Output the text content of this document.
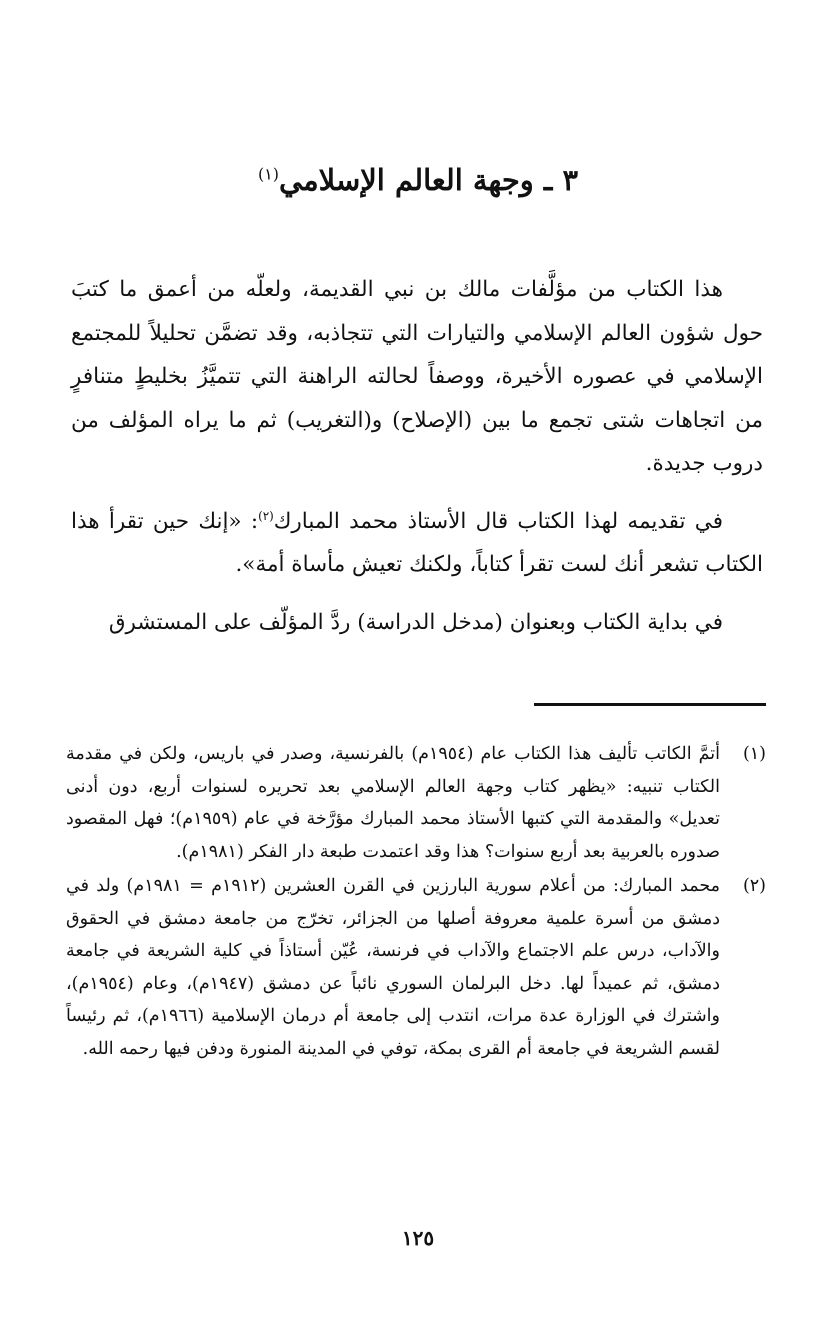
٣ ـ وجهة العالم الإسلامي$^{(١)}$

هذا الكتاب من مؤلَّفات مالك بن نبي القديمة، ولعلّه من أعمق ما كتبَ حول شؤون العالم الإسلامي والتيارات التي تتجاذبه، وقد تضمَّن تحليلاً للمجتمع الإسلامي في عصوره الأخيرة، ووصفاً لحالته الراهنة التي تتميَّزُ بخليطٍ متنافرٍ من اتجاهات شتى تجمع ما بين (الإصلاح) و(التغريب) ثم ما يراه المؤلف من دروب جديدة.

في تقديمه لهذا الكتاب قال الأستاذ محمد المبارك$^{(٢)}$: «إنك حين تقرأ هذا الكتاب تشعر أنك لست تقرأ كتاباً، ولكنك تعيش مأساة أمة».

في بداية الكتاب وبعنوان (مدخل الدراسة) ردَّ المؤلّف على المستشرق

(١)
أتمَّ الكاتب تأليف هذا الكتاب عام (١٩٥٤م) بالفرنسية، وصدر في باريس، ولكن في مقدمة الكتاب تنبيه: «يظهر كتاب وجهة العالم الإسلامي بعد تحريره لسنوات أربع، دون أدنى تعديل» والمقدمة التي كتبها الأستاذ محمد المبارك مؤرَّخة في عام (١٩٥٩م)؛ فهل المقصود صدوره بالعربية بعد أربع سنوات؟ هذا وقد اعتمدت طبعة دار الفكر (١٩٨١م).
(٢)
محمد المبارك: من أعلام سورية البارزين في القرن العشرين (١٩١٢م = ١٩٨١م) ولد في دمشق من أسرة علمية معروفة أصلها من الجزائر، تخرّج من جامعة دمشق في الحقوق والآداب، درس علم الاجتماع والآداب في فرنسة، عُيّن أستاذاً في كلية الشريعة في جامعة دمشق، ثم عميداً لها. دخل البرلمان السوري نائباً عن دمشق (١٩٤٧م)، وعام (١٩٥٤م)، واشترك في الوزارة عدة مرات، انتدب إلى جامعة أم درمان الإسلامية (١٩٦٦م)، ثم رئيساً لقسم الشريعة في جامعة أم القرى بمكة، توفي في المدينة المنورة ودفن فيها رحمه الله.
١٢٥
